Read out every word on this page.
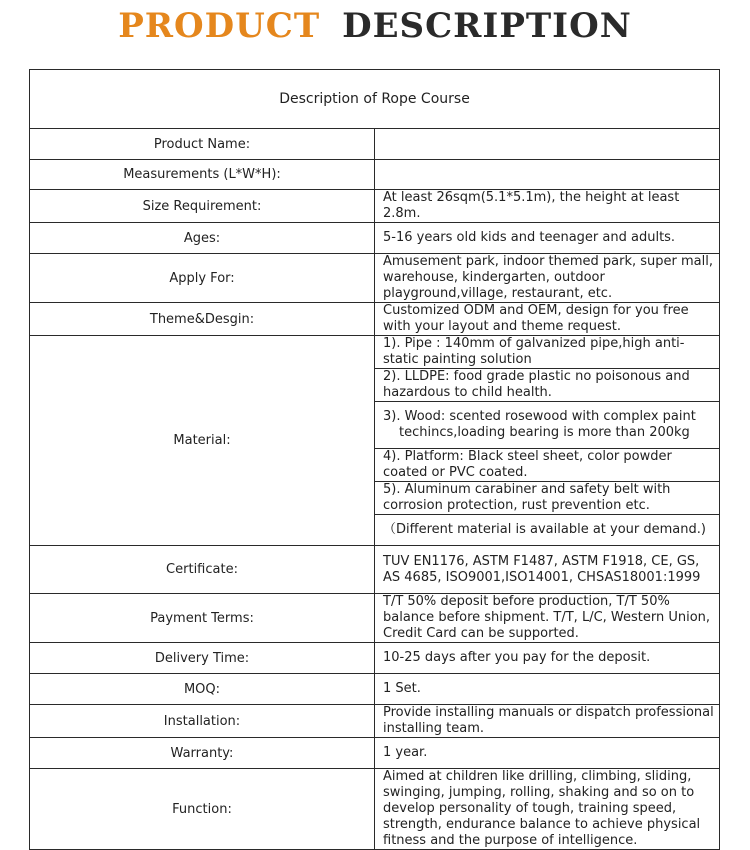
PRODUCT DESCRIPTION
Description of Rope Course	
Product Name:	
Measurements (L*W*H):	
Size Requirement:	At least 26sqm(5.1*5.1m), the height at least 2.8m.
Ages:	5-16 years old kids and teenager and adults.
Apply For:	Amusement park, indoor themed park, super mall, warehouse, kindergarten, outdoor playground,village, restaurant, etc.
Theme&Desgin:	Customized ODM and OEM, design for you free with your layout and theme request.
Material:	1). Pipe : 140mm of galvanized pipe,high anti-static painting solution
	2). LLDPE: food grade plastic no poisonous and hazardous to child health.
	3). Wood: scented rosewood with complex paint techincs,loading bearing is more than 200kg
	4). Platform: Black steel sheet, color powder coated or PVC coated.
	5). Aluminum carabiner and safety belt with corrosion protection, rust prevention etc.
	（Different material is available at your demand.)
Certificate:	TUV EN1176, ASTM F1487, ASTM F1918, CE, GS, AS 4685, ISO9001,ISO14001, CHSAS18001:1999
Payment Terms:	T/T 50% deposit before production, T/T 50% balance before shipment. T/T, L/C, Western Union, Credit Card can be supported.
Delivery Time:	10-25 days after you pay for the deposit.
MOQ:	1 Set.
Installation:	Provide installing manuals or dispatch professional installing team.
Warranty:	1 year.
Function:	Aimed at children like drilling, climbing, sliding, swinging, jumping, rolling, shaking and so on to develop personality of tough, training speed, strength, endurance balance to achieve physical fitness and the purpose of intelligence.
